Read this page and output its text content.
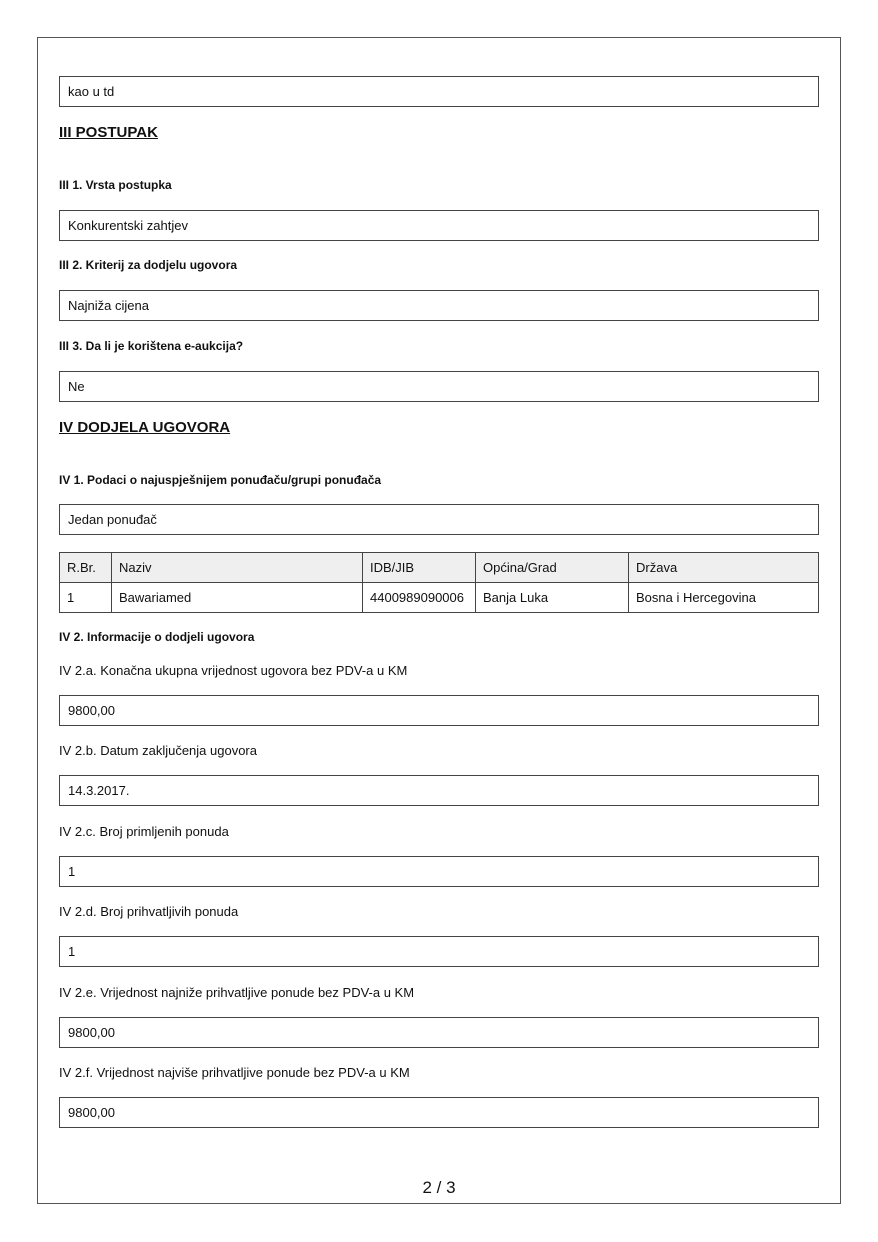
kao u td
III POSTUPAK
III 1. Vrsta postupka
Konkurentski zahtjev
III 2. Kriterij za dodjelu ugovora
Najniža cijena
III 3. Da li je korištena e-aukcija?
Ne
IV DODJELA UGOVORA
IV 1. Podaci o najuspješnijem ponuđaču/grupi ponuđača
Jedan ponuđač
R.Br.	Naziv	IDB/JIB	Općina/Grad	Država
1	Bawariamed	4400989090006	Banja Luka	Bosna i Hercegovina
IV 2. Informacije o dodjeli ugovora
IV 2.a. Konačna ukupna vrijednost ugovora bez PDV-a u KM
9800,00
IV 2.b. Datum zaključenja ugovora
14.3.2017.
IV 2.c. Broj primljenih ponuda
1
IV 2.d. Broj prihvatljivih ponuda
1
IV 2.e. Vrijednost najniže prihvatljive ponude bez PDV-a u KM
9800,00
IV 2.f. Vrijednost najviše prihvatljive ponude bez PDV-a u KM
9800,00
2 / 3
